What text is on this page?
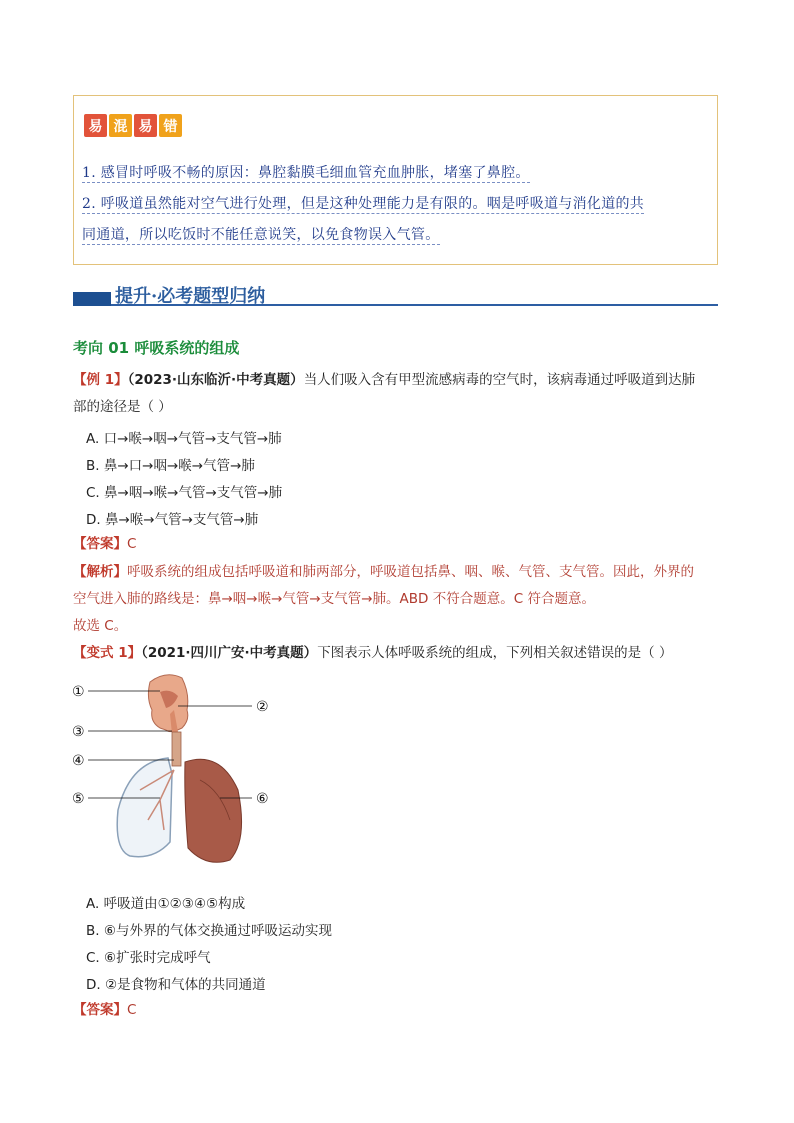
易 混 易 错
1. 感冒时呼吸不畅的原因：鼻腔黏膜毛细血管充血肿胀，堵塞了鼻腔。
2. 呼吸道虽然能对空气进行处理，但是这种处理能力是有限的。咽是呼吸道与消化道的共
同通道，所以吃饭时不能任意说笑，以免食物误入气管。
提升·必考题型归纳
考向 01 呼吸系统的组成
【例 1】（2023·山东临沂·中考真题）当人们吸入含有甲型流感病毒的空气时，该病毒通过呼吸道到达肺
部的途径是（ ）
A. 口→喉→咽→气管→支气管→肺
B. 鼻→口→咽→喉→气管→肺
C. 鼻→咽→喉→气管→支气管→肺
D. 鼻→喉→气管→支气管→肺
【答案】C
【解析】呼吸系统的组成包括呼吸道和肺两部分，呼吸道包括鼻、咽、喉、气管、支气管。因此，外界的
空气进入肺的路线是：鼻→咽→喉→气管→支气管→肺。ABD 不符合题意。C 符合题意。
故选 C。
【变式 1】（2021·四川广安·中考真题）下图表示人体呼吸系统的组成，下列相关叙述错误的是（ ）
①
②
③
④
⑤	⑥
A. 呼吸道由①②③④⑤构成
B. ⑥与外界的气体交换通过呼吸运动实现
C. ⑥扩张时完成呼气
D. ②是食物和气体的共同通道
【答案】C
